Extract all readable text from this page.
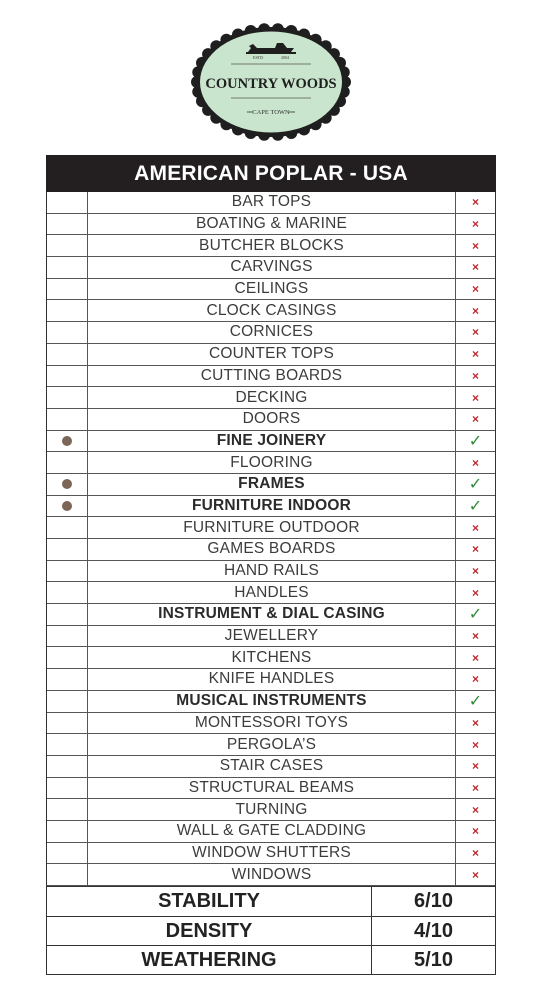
ESTD	2004
COUNTRY WOODS
CAPE TOWN
AMERICAN POPLAR - USA
BAR TOPS	×
BOATING & MARINE	×
BUTCHER BLOCKS	×
CARVINGS	×
CEILINGS	×
CLOCK CASINGS	×
CORNICES	×
COUNTER TOPS	×
CUTTING BOARDS	×
DECKING	×
DOORS	×
FINE JOINERY	✓
FLOORING	×
FRAMES	✓
FURNITURE INDOOR	✓
FURNITURE OUTDOOR	×
GAMES BOARDS	×
HAND RAILS	×
HANDLES	×
INSTRUMENT & DIAL CASING	✓
JEWELLERY	×
KITCHENS	×
KNIFE HANDLES	×
MUSICAL INSTRUMENTS	✓
MONTESSORI TOYS	×
PERGOLA’S	×
STAIR CASES	×
STRUCTURAL BEAMS	×
TURNING	×
WALL & GATE CLADDING	×
WINDOW SHUTTERS	×
WINDOWS	×
STABILITY	6/10
DENSITY	4/10
WEATHERING	5/10
